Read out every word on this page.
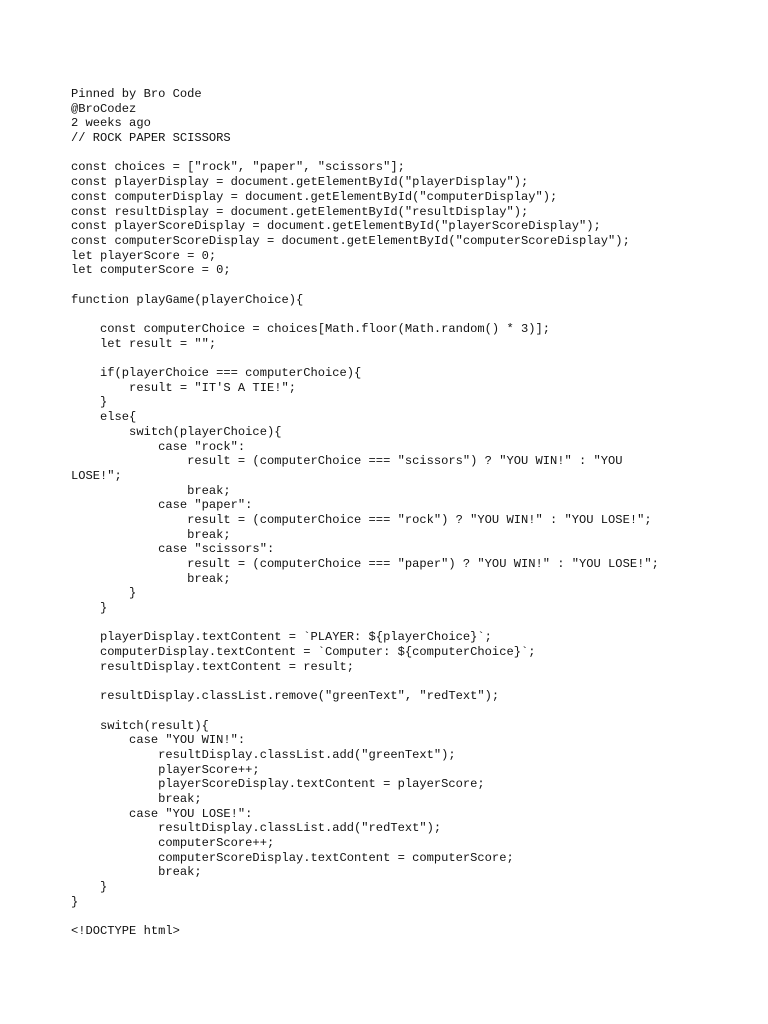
Pinned by Bro Code
@BroCodez
2 weeks ago
// ROCK PAPER SCISSORS
const choices = ["rock", "paper", "scissors"];
const playerDisplay = document.getElementById("playerDisplay");
const computerDisplay = document.getElementById("computerDisplay");
const resultDisplay = document.getElementById("resultDisplay");
const playerScoreDisplay = document.getElementById("playerScoreDisplay");
const computerScoreDisplay = document.getElementById("computerScoreDisplay");
let playerScore = 0;
let computerScore = 0;
function playGame(playerChoice){
const computerChoice = choices[Math.floor(Math.random() * 3)];
let result = "";
if(playerChoice === computerChoice){
result = "IT'S A TIE!";
}
else{
switch(playerChoice){
case "rock":
result = (computerChoice === "scissors") ? "YOU WIN!" : "YOU
LOSE!";
break;
case "paper":
result = (computerChoice === "rock") ? "YOU WIN!" : "YOU LOSE!";
break;
case "scissors":
result = (computerChoice === "paper") ? "YOU WIN!" : "YOU LOSE!";
break;
}
}
playerDisplay.textContent = `PLAYER: ${playerChoice}`;
computerDisplay.textContent = `Computer: ${computerChoice}`;
resultDisplay.textContent = result;
resultDisplay.classList.remove("greenText", "redText");
switch(result){
case "YOU WIN!":
resultDisplay.classList.add("greenText");
playerScore++;
playerScoreDisplay.textContent = playerScore;
break;
case "YOU LOSE!":
resultDisplay.classList.add("redText");
computerScore++;
computerScoreDisplay.textContent = computerScore;
break;
}
}
<!DOCTYPE html>
